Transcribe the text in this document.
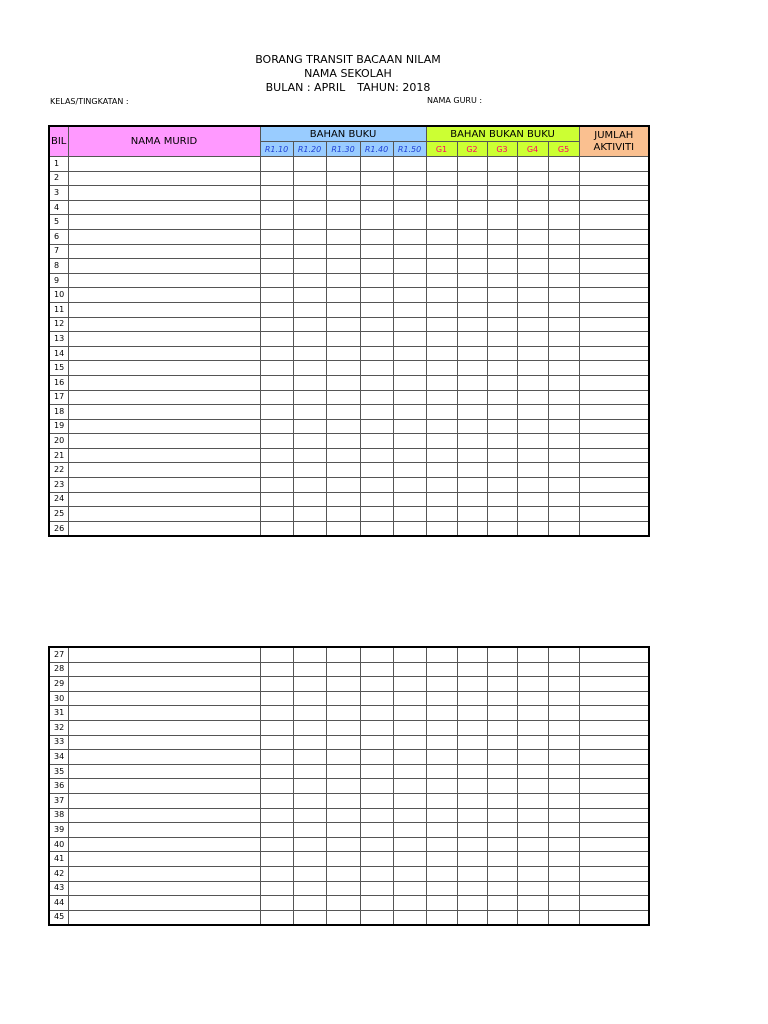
BORANG TRANSIT BACAAN NILAM
NAMA SEKOLAH
BULAN : APRIL TAHUN: 2018
KELAS/TINGKATAN :	NAMA GURU :
BIL	NAMA MURID	BAHAN BUKU					BAHAN BUKAN BUKU					JUMLAH AKTIVITI
		R1.10	R1.20	R1.30	R1.40	R1.50	G1	G2	G3	G4	G5	
1												
2												
3												
4												
5												
6												
7												
8												
9												
10												
11												
12												
13												
14												
15												
16												
17												
18												
19												
20												
21												
22												
23												
24												
25												
26												
27												
28												
29												
30												
31												
32												
33												
34												
35												
36												
37												
38												
39												
40												
41												
42												
43												
44												
45												
